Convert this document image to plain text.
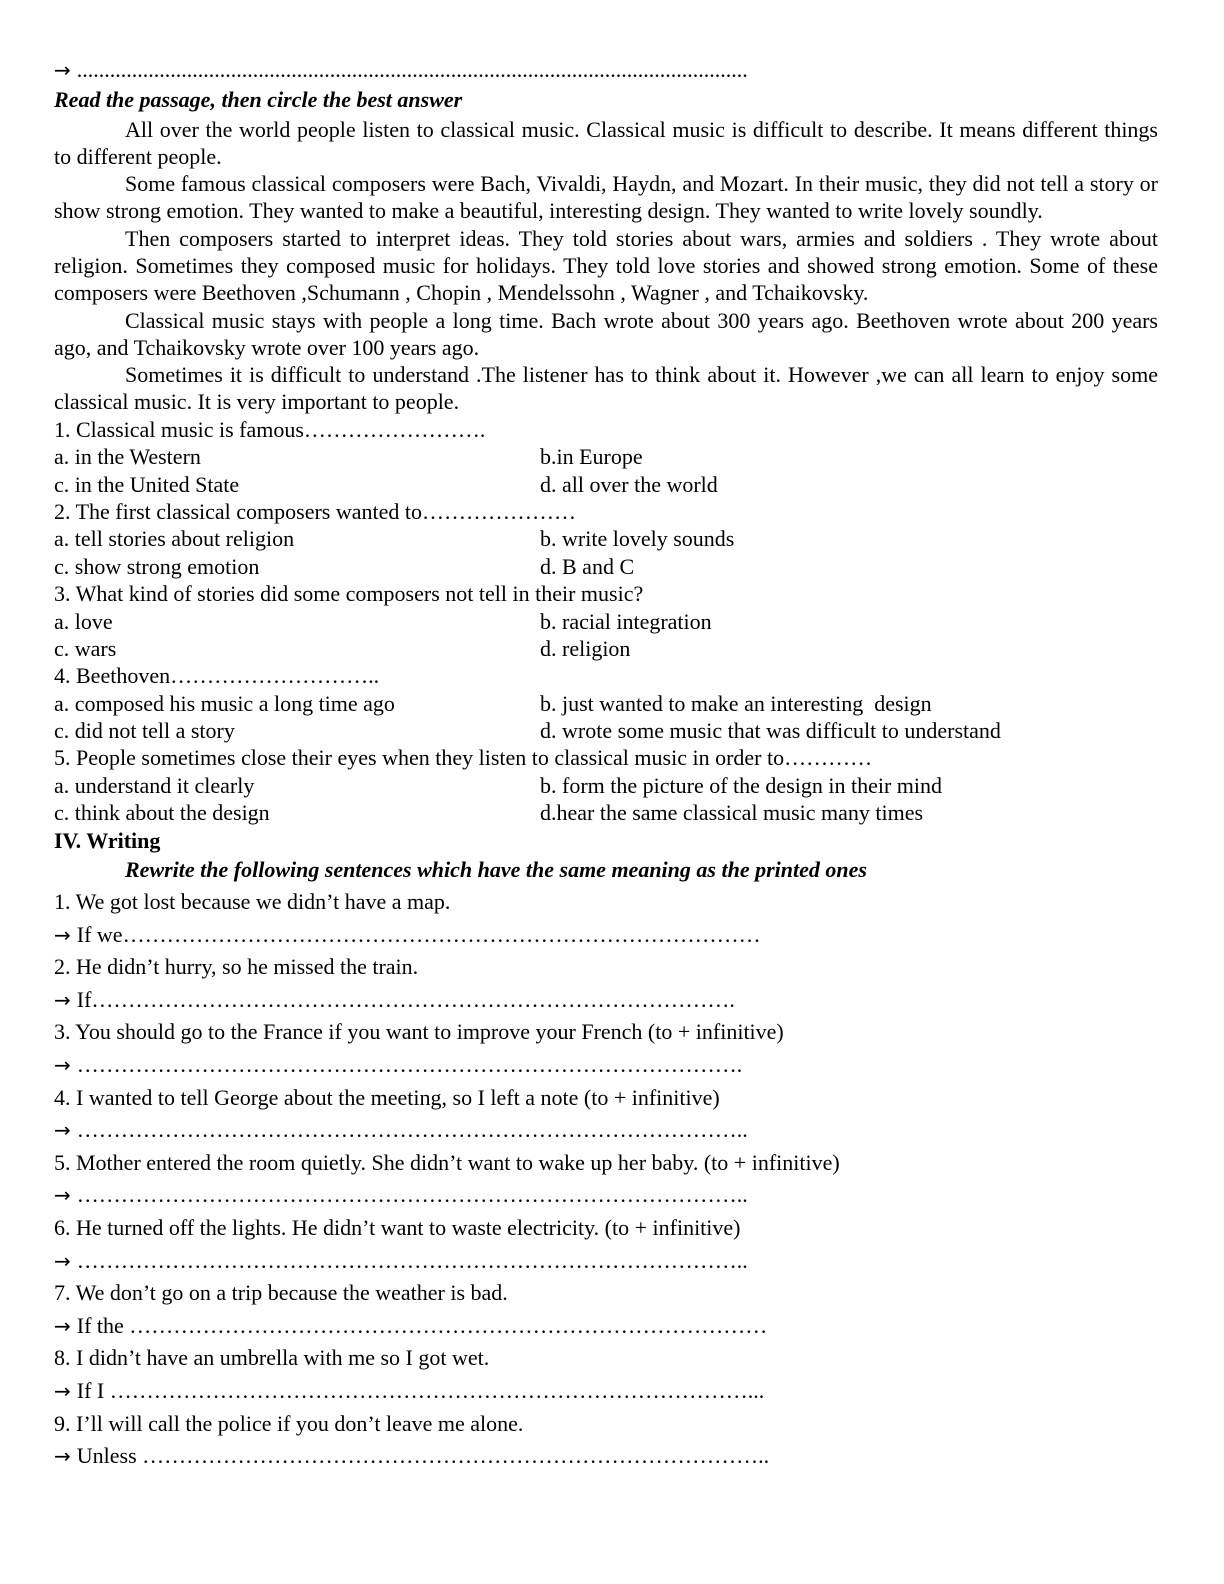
→ ..........................................................................................................................
Read the passage, then circle the best answer

All over the world people listen to classical music. Classical music is difficult to describe. It means different things to different people.

Some famous classical composers were Bach, Vivaldi, Haydn, and Mozart. In their music, they did not tell a story or show strong emotion. They wanted to make a beautiful, interesting design. They wanted to write lovely soundly.

Then composers started to interpret ideas. They told stories about wars, armies and soldiers . They wrote about religion. Sometimes they composed music for holidays. They told love stories and showed strong emotion. Some of these composers were Beethoven ,Schumann , Chopin , Mendelssohn , Wagner , and Tchaikovsky.

Classical music stays with people a long time. Bach wrote about 300 years ago. Beethoven wrote about 200 years ago, and Tchaikovsky wrote over 100 years ago.

Sometimes it is difficult to understand .The listener has to think about it. However ,we can all learn to enjoy some classical music. It is very important to people.

1. Classical music is famous…………………….
a. in the Western	b.in Europe
c. in the United State	d. all over the world
2. The first classical composers wanted to…………………
a. tell stories about religion	b. write lovely sounds
c. show strong emotion	d. B and C
3. What kind of stories did some composers not tell in their music?
a. love	b. racial integration
c. wars	d. religion
4. Beethoven………………………..
a. composed his music a long time ago	b. just wanted to make an interesting  design
c. did not tell a story	d. wrote some music that was difficult to understand
5. People sometimes close their eyes when they listen to classical music in order to…………
a. understand it clearly	b. form the picture of the design in their mind
c. think about the design	d.hear the same classical music many times
IV. Writing
Rewrite the following sentences which have the same meaning as the printed ones
1. We got lost because we didn’t have a map.
→ If we……………………………………………………………………………
2. He didn’t hurry, so he missed the train.
→ If…………………………………………………………………………….
3. You should go to the France if you want to improve your French (to + infinitive)
→ ……………………………………………………………………………….
4. I wanted to tell George about the meeting, so I left a note (to + infinitive)
→ ………………………………………………………………………………..
5. Mother entered the room quietly. She didn’t want to wake up her baby. (to + infinitive)
→ ………………………………………………………………………………..
6. He turned off the lights. He didn’t want to waste electricity. (to + infinitive)
→ ………………………………………………………………………………..
7. We don’t go on a trip because the weather is bad.
→ If the ……………………………………………………………………………
8. I didn’t have an umbrella with me so I got wet.
→ If I ……………………………………………………………………………...
9. I’ll will call the police if you don’t leave me alone.
→ Unless …………………………………………………………………………..
